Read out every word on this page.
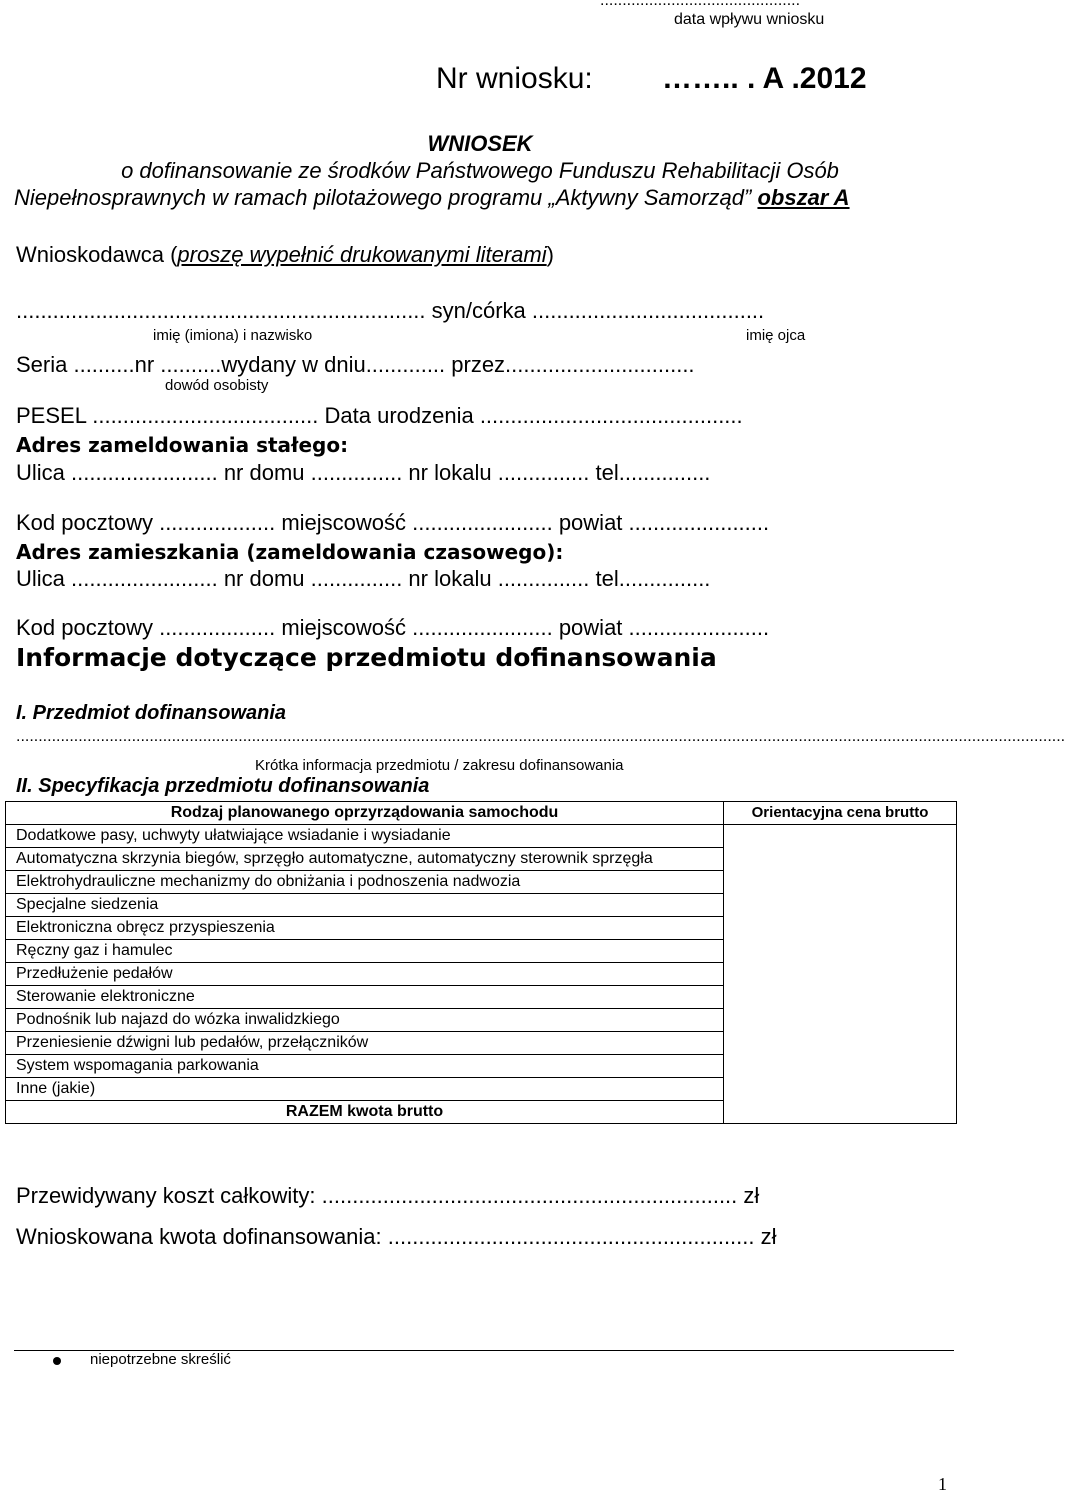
.............................................
data wpływu wniosku
Nr wniosku: …….. . A .2012
WNIOSEK
o dofinansowanie ze środków Państwowego Funduszu Rehabilitacji Osób
Niepełnosprawnych w ramach pilotażowego programu „Aktywny Samorząd” obszar A
Wnioskodawca (proszę wypełnić drukowanymi literami)
................................................................... syn/córka ......................................
imię (imiona) i nazwisko	imię ojca
Seria ..........nr ..........wydany w dniu............. przez...............................
dowód osobisty
PESEL ..................................... Data urodzenia ...........................................
Adres zameldowania stałego:
Ulica ........................ nr domu ............... nr lokalu ............... tel...............
Kod pocztowy ................... miejscowość ....................... powiat .......................
Adres zamieszkania (zameldowania czasowego):
Ulica ........................ nr domu ............... nr lokalu ............... tel...............
Kod pocztowy ................... miejscowość ....................... powiat .......................
Informacje dotyczące przedmiotu dofinansowania
I. Przedmiot dofinansowania
............................................................................................................................................................................................................................................
Krótka informacja przedmiotu / zakresu dofinansowania
II. Specyfikacja przedmiotu dofinansowania
Rodzaj planowanego oprzyrządowania samochodu	Orientacyjna cena brutto
Dodatkowe pasy, uchwyty ułatwiające wsiadanie i wysiadanie	
Automatyczna skrzynia biegów, sprzęgło automatyczne, automatyczny sterownik sprzęgła	
Elektrohydrauliczne mechanizmy do obniżania i podnoszenia nadwozia	
Specjalne siedzenia	
Elektroniczna obręcz przyspieszenia	
Ręczny gaz i hamulec	
Przedłużenie pedałów	
Sterowanie elektroniczne	
Podnośnik lub najazd do wózka inwalidzkiego	
Przeniesienie dźwigni lub pedałów, przełączników	
System wspomagania parkowania	
Inne (jakie)	
RAZEM kwota brutto	
Przewidywany koszt całkowity: .................................................................... zł
Wnioskowana kwota dofinansowania: ............................................................ zł
niepotrzebne skreślić
1
